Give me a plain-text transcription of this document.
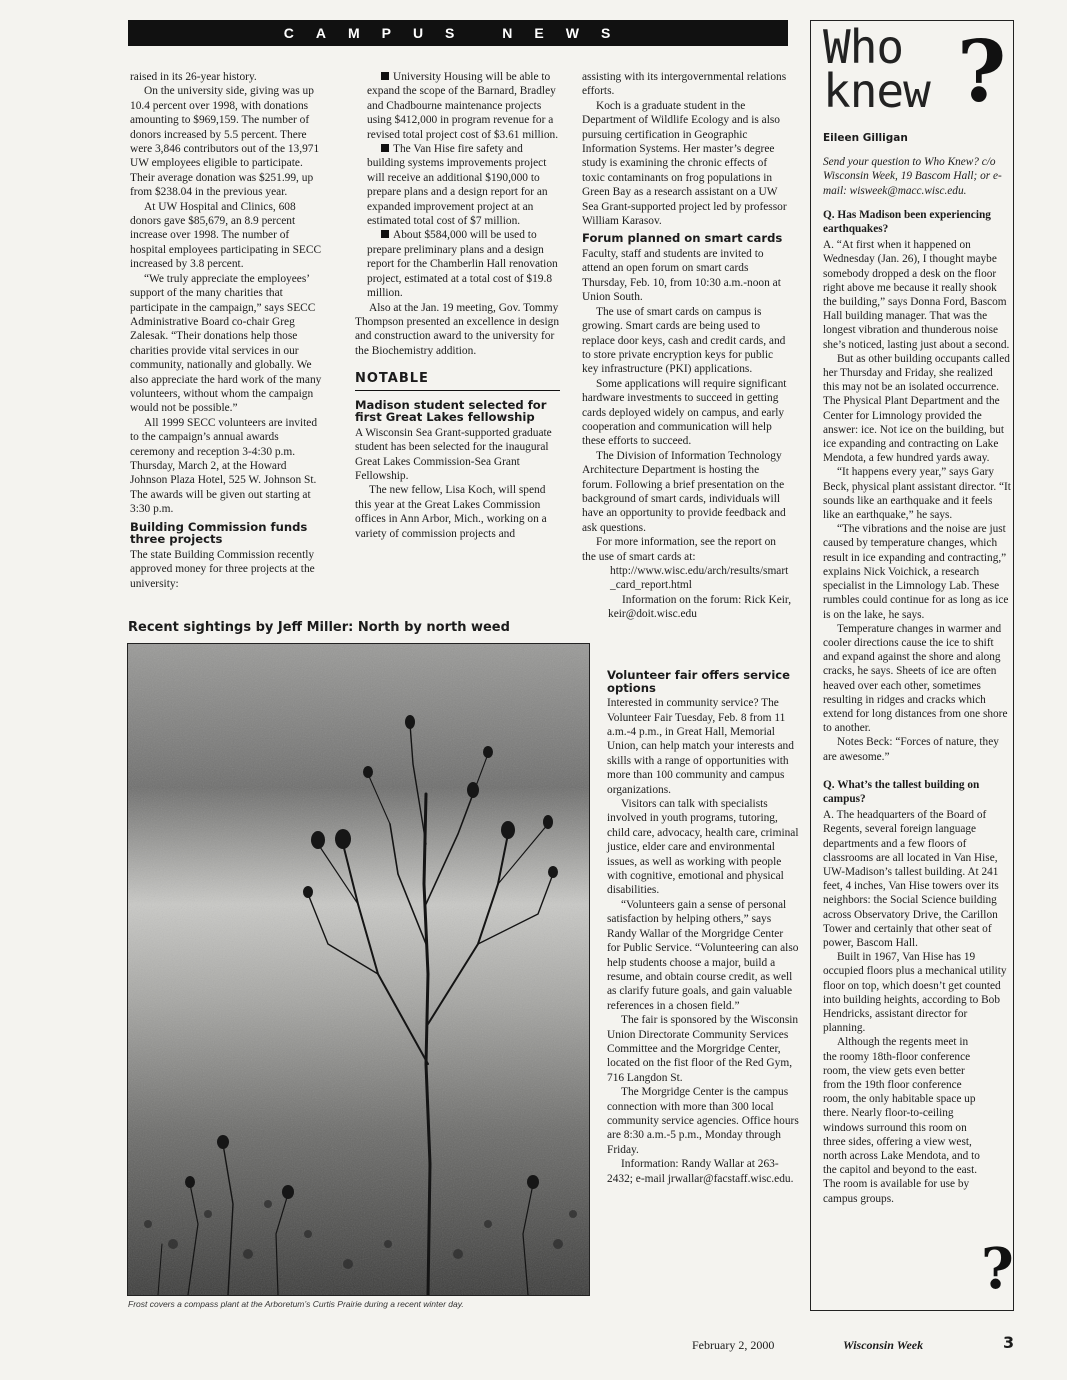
CAMPUS NEWS

raised in its 26-year history.

On the university side, giving was up 10.4 percent over 1998, with donations amounting to $969,159. The number of donors increased by 5.5 percent. There were 3,846 contributors out of the 13,971 UW employees eligible to participate. Their average donation was $251.99, up from $238.04 in the previous year.

At UW Hospital and Clinics, 608 donors gave $85,679, an 8.9 percent increase over 1998. The number of hospital employees participating in SECC increased by 3.8 percent.

“We truly appreciate the employees’ support of the many charities that participate in the campaign,” says SECC Administrative Board co-chair Greg Zalesak. “Their donations help those charities provide vital services in our community, nationally and globally. We also appreciate the hard work of the many volunteers, without whom the campaign would not be possible.”

All 1999 SECC volunteers are invited to the campaign’s annual awards ceremony and reception 3-4:30 p.m. Thursday, March 2, at the Howard Johnson Plaza Hotel, 525 W. Johnson St. The awards will be given out starting at 3:30 p.m.

Building Commission funds three projects

The state Building Commission recently approved money for three projects at the university:

University Housing will be able to expand the scope of the Barnard, Bradley and Chadbourne maintenance projects using $412,000 in program revenue for a revised total project cost of $3.61 million.

The Van Hise fire safety and building systems improvements project will receive an additional $190,000 to prepare plans and a design report for an expanded improvement project at an estimated total cost of $7 million.

About $584,000 will be used to prepare preliminary plans and a design report for the Chamberlin Hall renovation project, estimated at a total cost of $19.8 million.

Also at the Jan. 19 meeting, Gov. Tommy Thompson presented an excellence in design and construction award to the university for the Biochemistry addition.

NOTABLE
Madison student selected for first Great Lakes fellowship

A Wisconsin Sea Grant-supported graduate student has been selected for the inaugural Great Lakes Commission-Sea Grant Fellowship.

The new fellow, Lisa Koch, will spend this year at the Great Lakes Commission offices in Ann Arbor, Mich., working on a variety of commission projects and

assisting with its intergovernmental relations efforts.

Koch is a graduate student in the Department of Wildlife Ecology and is also pursuing certification in Geographic Information Systems. Her master’s degree study is examining the chronic effects of toxic contaminants on frog populations in Green Bay as a research assistant on a UW Sea Grant-supported project led by professor William Karasov.

Forum planned on smart cards

Faculty, staff and students are invited to attend an open forum on smart cards Thursday, Feb. 10, from 10:30 a.m.-noon at Union South.

The use of smart cards on campus is growing. Smart cards are being used to replace door keys, cash and credit cards, and to store private encryption keys for public key infrastructure (PKI) applications.

Some applications will require significant hardware investments to succeed in getting cards deployed widely on campus, and early cooperation and communication will help these efforts to succeed.

The Division of Information Technology Architecture Department is hosting the forum. Following a brief presentation on the background of smart cards, individuals will have an opportunity to provide feedback and ask questions.

For more information, see the report on the use of smart cards at:

http://www.wisc.edu/arch/results/smart_card_report.html

Information on the forum: Rick Keir, keir@doit.wisc.edu

Volunteer fair offers service options

Interested in community service? The Volunteer Fair Tuesday, Feb. 8 from 11 a.m.-4 p.m., in Great Hall, Memorial Union, can help match your interests and skills with a range of opportunities with more than 100 community and campus organizations.

Visitors can talk with specialists involved in youth programs, tutoring, child care, advocacy, health care, criminal justice, elder care and environmental issues, as well as working with people with cognitive, emotional and physical disabilities.

“Volunteers gain a sense of personal satisfaction by helping others,” says Randy Wallar of the Morgridge Center for Public Service. “Volunteering can also help students choose a major, build a resume, and obtain course credit, as well as clarify future goals, and gain valuable references in a chosen field.”

The fair is sponsored by the Wisconsin Union Directorate Community Services Committee and the Morgridge Center, located on the fist floor of the Red Gym, 716 Langdon St.

The Morgridge Center is the campus connection with more than 300 local community service agencies. Office hours are 8:30 a.m.-5 p.m., Monday through Friday.

Information: Randy Wallar at 263-2432; e-mail jrwallar@facstaff.wisc.edu.

Recent sightings by Jeff Miller: North by north weed
Frost covers a compass plant at the Arboretum’s Curtis Prairie during a recent winter day.
Who
knew ?
Eileen Gilligan

Send your question to Who Knew? c/o Wisconsin Week, 19 Bascom Hall; or e-mail: wisweek@macc.wisc.edu.

Q. Has Madison been experiencing earthquakes?

A. “At first when it happened on Wednesday (Jan. 26), I thought maybe somebody dropped a desk on the floor right above me because it really shook the building,” says Donna Ford, Bascom Hall building manager. That was the longest vibration and thunderous noise she’s noticed, lasting just about a second.

But as other building occupants called her Thursday and Friday, she realized this may not be an isolated occurrence. The Physical Plant Department and the Center for Limnology provided the answer: ice. Not ice on the building, but ice expanding and contracting on Lake Mendota, a few hundred yards away.

“It happens every year,” says Gary Beck, physical plant assistant director. “It sounds like an earthquake and it feels like an earthquake,” he says.

“The vibrations and the noise are just caused by temperature changes, which result in ice expanding and contracting,” explains Nick Voichick, a research specialist in the Limnology Lab. These rumbles could continue for as long as ice is on the lake, he says.

Temperature changes in warmer and cooler directions cause the ice to shift and expand against the shore and along cracks, he says. Sheets of ice are often heaved over each other, sometimes resulting in ridges and cracks which extend for long distances from one shore to another.

Notes Beck: “Forces of nature, they are awesome.”

Q. What’s the tallest building on campus?

A. The headquarters of the Board of Regents, several foreign language departments and a few floors of classrooms are all located in Van Hise, UW-Madison’s tallest building. At 241 feet, 4 inches, Van Hise towers over its neighbors: the Social Science building across Observatory Drive, the Carillon Tower and certainly that other seat of power, Bascom Hall.

Built in 1967, Van Hise has 19 occupied floors plus a mechanical utility floor on top, which doesn’t get counted into building heights, according to Bob Hendricks, assistant director for planning.

Although the regents meet in the roomy 18th-floor conference room, the view gets even better from the 19th floor conference room, the only habitable space up there. Nearly floor-to-ceiling windows surround this room on three sides, offering a view west, north across Lake Mendota, and to the capitol and beyond to the east. The room is available for use by campus groups.

?
February 2, 2000	Wisconsin Week	3
